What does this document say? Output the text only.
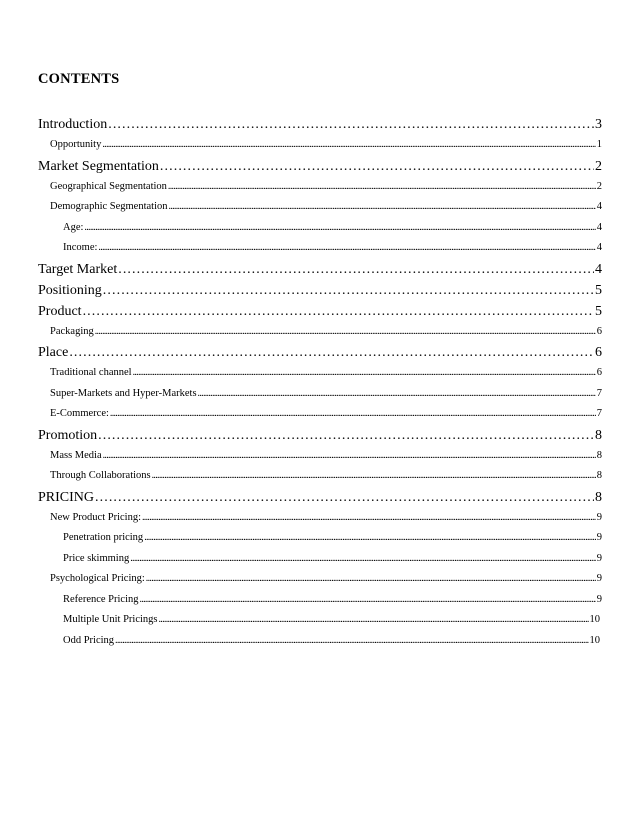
CONTENTS
Introduction . . .	3
Opportunity . . .	1
Market Segmentation . . .	2
Geographical Segmentation . . .	2
Demographic Segmentation . . .	4
Age: . . .	4
Income: . . .	4
Target Market . . .	4
Positioning . . .	5
Product . . .	5
Packaging . . .	6
Place . . .	6
Traditional channel . . .	6
Super-Markets and Hyper-Markets . . .	7
E-Commerce: . . .	7
Promotion . . .	8
Mass Media . . .	8
Through Collaborations . . .	8
PRICING . . .	8
New Product Pricing: . . .	9
Penetration pricing . . .	9
Price skimming . . .	9
Psychological Pricing: . . .	9
Reference Pricing . . .	9
Multiple Unit Pricings . . .	10
Odd Pricing . . .	10
